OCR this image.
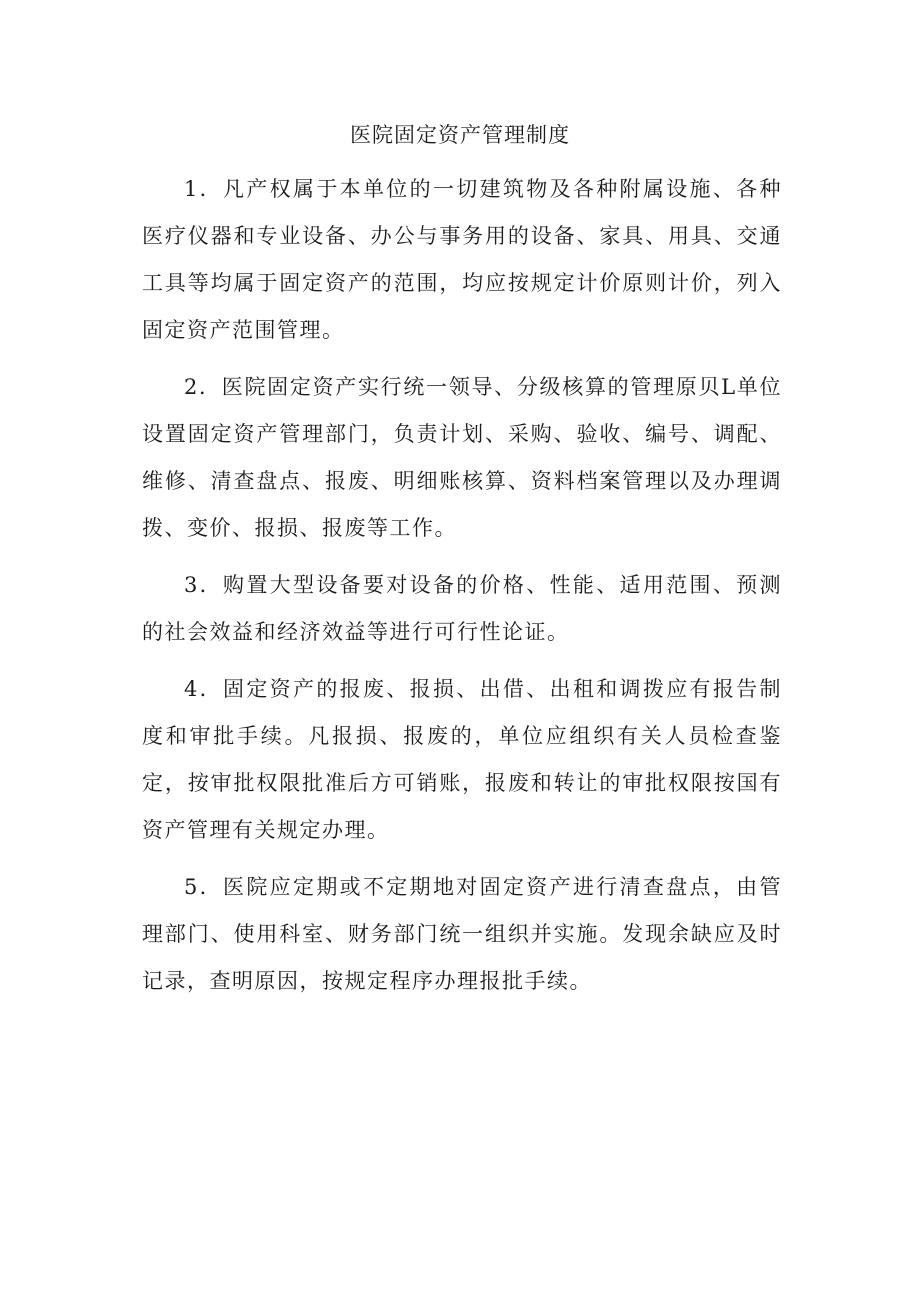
医院固定资产管理制度

1．凡产权属于本单位的一切建筑物及各种附属设施、各种医疗仪器和专业设备、办公与事务用的设备、家具、用具、交通工具等均属于固定资产的范围，均应按规定计价原则计价，列入固定资产范围管理。

2．医院固定资产实行统一领导、分级核算的管理原贝L单位设置固定资产管理部门，负责计划、采购、验收、编号、调配、维修、清查盘点、报废、明细账核算、资料档案管理以及办理调拨、变价、报损、报废等工作。

3．购置大型设备要对设备的价格、性能、适用范围、预测的社会效益和经济效益等进行可行性论证。

4．固定资产的报废、报损、出借、出租和调拨应有报告制度和审批手续。凡报损、报废的，单位应组织有关人员检查鉴定，按审批权限批准后方可销账，报废和转让的审批权限按国有资产管理有关规定办理。

5．医院应定期或不定期地对固定资产进行清查盘点，由管理部门、使用科室、财务部门统一组织并实施。发现余缺应及时记录，查明原因，按规定程序办理报批手续。
